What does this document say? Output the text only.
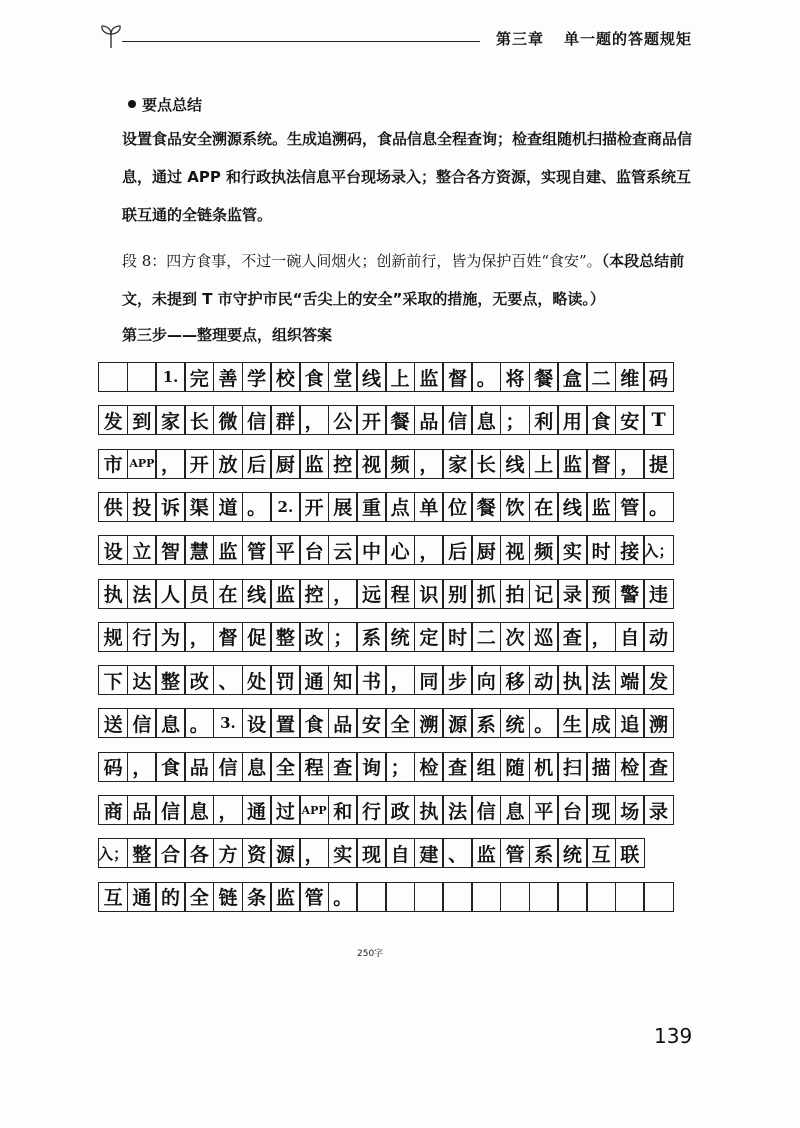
第三章 单一题的答题规矩
要点总结
设置食品安全溯源系统。生成追溯码，食品信息全程查询；检查组随机扫描检查商品信息，通过 APP 和行政执法信息平台现场录入；整合各方资源，实现自建、监管系统互联互通的全链条监管。
段 8：四方食事，不过一碗人间烟火；创新前行，皆为保护百姓“食安”。（本段总结前文，未提到 T 市守护市民“舌尖上的安全”采取的措施，无要点，略读。）
第三步——整理要点，组织答案
1. 完 善 学 校 食 堂 线 上 监 督 。 将 餐 盒 二 维 码
发 到 家 长 微 信 群 ， 公 开 餐 品 信 息 ； 利 用 食 安 T
市 APP ， 开 放 后 厨 监 控 视 频 ， 家 长 线 上 监 督 ， 提
供 投 诉 渠 道 。 2. 开 展 重 点 单 位 餐 饮 在 线 监 管 。
设 立 智 慧 监 管 平 台 云 中 心 ， 后 厨 视 频 实 时 接 入；
执 法 人 员 在 线 监 控 ， 远 程 识 别 抓 拍 记 录 预 警 违
规 行 为 ， 督 促 整 改 ； 系 统 定 时 二 次 巡 查 ， 自 动
下 达 整 改 、 处 罚 通 知 书 ， 同 步 向 移 动 执 法 端 发
送 信 息 。 3. 设 置 食 品 安 全 溯 源 系 统 。 生 成 追 溯
码 ， 食 品 信 息 全 程 查 询 ； 检 查 组 随 机 扫 描 检 查
商 品 信 息 ， 通 过 APP 和 行 政 执 法 信 息 平 台 现 场 录
入； 整 合 各 方 资 源 ， 实 现 自 建 、 监 管 系 统 互 联
互 通 的 全 链 条 监 管 。
250字
139
